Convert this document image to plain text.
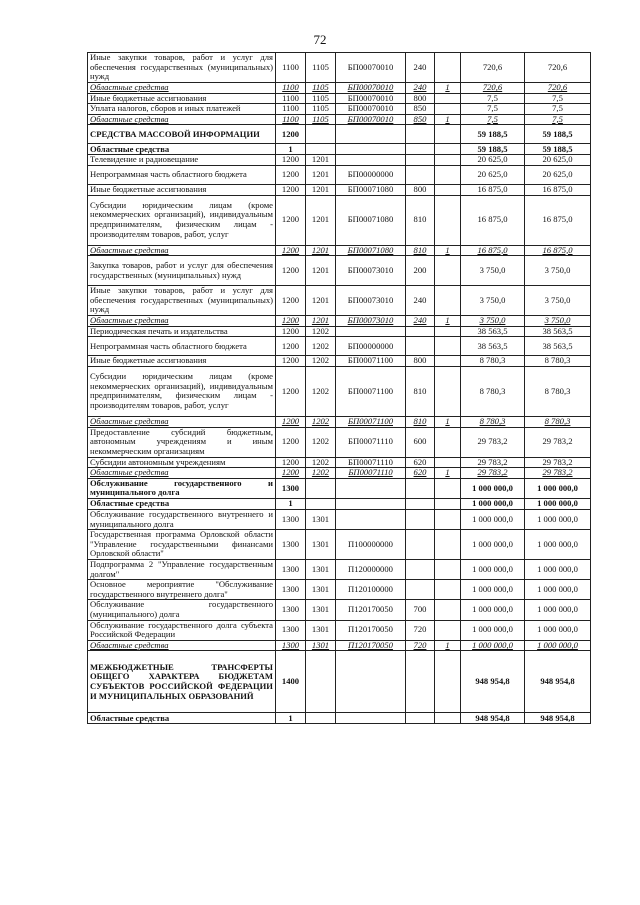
72
Иные закупки товаров, работ и услуг для обеспечения государственных (муниципальных) нужд	1100	1105	БП00070010	240		720,6	720,6
Областные средства	1100	1105	БП00070010	240	1	720,6	720,6
Иные бюджетные ассигнования	1100	1105	БП00070010	800		7,5	7,5
Уплата налогов, сборов и иных платежей	1100	1105	БП00070010	850		7,5	7,5
Областные средства	1100	1105	БП00070010	850	1	7,5	7,5
СРЕДСТВА МАССОВОЙ ИНФОРМАЦИИ	1200					59 188,5	59 188,5
Областные средства	1					59 188,5	59 188,5
Телевидение и радиовещание	1200	1201				20 625,0	20 625,0
Непрограммная часть областного бюджета	1200	1201	БП00000000			20 625,0	20 625,0
Иные бюджетные ассигнования	1200	1201	БП00071080	800		16 875,0	16 875,0
Субсидии юридическим лицам (кроме некоммерческих организаций), индивидуальным предпринимателям, физическим лицам - производителям товаров, работ, услуг	1200	1201	БП00071080	810		16 875,0	16 875,0
Областные средства	1200	1201	БП00071080	810	1	16 875,0	16 875,0
Закупка товаров, работ и услуг для обеспечения государственных (муниципальных) нужд	1200	1201	БП00073010	200		3 750,0	3 750,0
Иные закупки товаров, работ и услуг для обеспечения государственных (муниципальных) нужд	1200	1201	БП00073010	240		3 750,0	3 750,0
Областные средства	1200	1201	БП00073010	240	1	3 750,0	3 750,0
Периодическая печать и издательства	1200	1202				38 563,5	38 563,5
Непрограммная часть областного бюджета	1200	1202	БП00000000			38 563,5	38 563,5
Иные бюджетные ассигнования	1200	1202	БП00071100	800		8 780,3	8 780,3
Субсидии юридическим лицам (кроме некоммерческих организаций), индивидуальным предпринимателям, физическим лицам - производителям товаров, работ, услуг	1200	1202	БП00071100	810		8 780,3	8 780,3
Областные средства	1200	1202	БП00071100	810	1	8 780,3	8 780,3
Предоставление субсидий бюджетным, автономным учреждениям и иным некоммерческим организациям	1200	1202	БП00071110	600		29 783,2	29 783,2
Субсидии автономным учреждениям	1200	1202	БП00071110	620		29 783,2	29 783,2
Областные средства	1200	1202	БП00071110	620	1	29 783,2	29 783,2
Обслуживание государственного и муниципального долга	1300					1 000 000,0	1 000 000,0
Областные средства	1					1 000 000,0	1 000 000,0
Обслуживание государственного внутреннего и муниципального долга	1300	1301				1 000 000,0	1 000 000,0
Государственная программа Орловской области "Управление государственными финансами Орловской области"	1300	1301	П100000000			1 000 000,0	1 000 000,0
Подпрограмма 2 "Управление государственным долгом"	1300	1301	П120000000			1 000 000,0	1 000 000,0
Основное мероприятие "Обслуживание государственного внутреннего долга"	1300	1301	П120100000			1 000 000,0	1 000 000,0
Обслуживание государственного (муниципального) долга	1300	1301	П120170050	700		1 000 000,0	1 000 000,0
Обслуживание государственного долга субъекта Российской Федерации	1300	1301	П120170050	720		1 000 000,0	1 000 000,0
Областные средства	1300	1301	П120170050	720	1	1 000 000,0	1 000 000,0
МЕЖБЮДЖЕТНЫЕ ТРАНСФЕРТЫ ОБЩЕГО ХАРАКТЕРА БЮДЖЕТАМ СУБЪЕКТОВ РОССИЙСКОЙ ФЕДЕРАЦИИ И МУНИЦИПАЛЬНЫХ ОБРАЗОВАНИЙ	1400					948 954,8	948 954,8
Областные средства	1					948 954,8	948 954,8
